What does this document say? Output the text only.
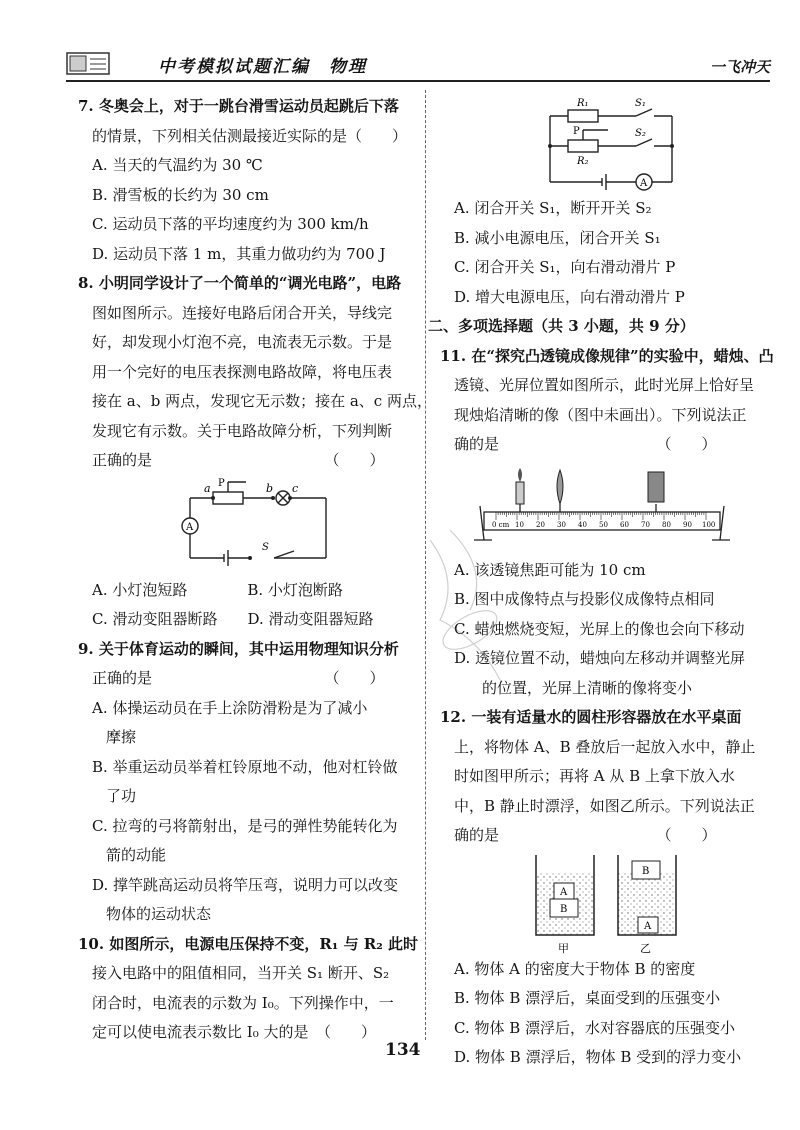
中考模拟试题汇编　物理	一飞冲天
7. 冬奥会上，对于一跳台滑雪运动员起跳后下落
的情景，下列相关估测最接近实际的是（　　）
A. 当天的气温约为 30 ℃
B. 滑雪板的长约为 30 cm
C. 运动员下落的平均速度约为 300 km/h
D. 运动员下落 1 m，其重力做功约为 700 J
8. 小明同学设计了一个简单的“调光电路”，电路
图如图所示。连接好电路后闭合开关，导线完
好，却发现小灯泡不亮，电流表无示数。于是
用一个完好的电压表探测电路故障，将电压表
接在 a、b 两点，发现它无示数；接在 a、c 两点，
发现它有示数。关于电路故障分析，下列判断
正确的是　　　　　　　　　　　　（　　）
a	b c
P
A
S
A. 小灯泡短路　　　　B. 小灯泡断路
C. 滑动变阻器断路　　D. 滑动变阻器短路
9. 关于体育运动的瞬间，其中运用物理知识分析
正确的是　　　　　　　　　　　　（　　）
A. 体操运动员在手上涂防滑粉是为了减小
摩擦
B. 举重运动员举着杠铃原地不动，他对杠铃做
了功
C. 拉弯的弓将箭射出，是弓的弹性势能转化为
箭的动能
D. 撑竿跳高运动员将竿压弯，说明力可以改变
物体的运动状态
10. 如图所示，电源电压保持不变，R₁ 与 R₂ 此时
接入电路中的阻值相同，当开关 S₁ 断开、S₂
闭合时，电流表的示数为 I₀。下列操作中，一
定可以使电流表示数比 I₀ 大的是　（　　）
R₁
R₂
S₁
S₂
P
A
A. 闭合开关 S₁，断开开关 S₂
B. 减小电源电压，闭合开关 S₁
C. 闭合开关 S₁，向右滑动滑片 P
D. 增大电源电压，向右滑动滑片 P
二、多项选择题（共 3 小题，共 9 分）
11. 在“探究凸透镜成像规律”的实验中，蜡烛、凸
透镜、光屏位置如图所示，此时光屏上恰好呈
现烛焰清晰的像（图中未画出）。下列说法正
确的是　　　　　　　　　　　（　　）
0 cm 10 20 30 40 50 60 70 80 90 100
A. 该透镜焦距可能为 10 cm
B. 图中成像特点与投影仪成像特点相同
C. 蜡烛燃烧变短，光屏上的像也会向下移动
D. 透镜位置不动，蜡烛向左移动并调整光屏
的位置，光屏上清晰的像将变小
12. 一装有适量水的圆柱形容器放在水平桌面
上，将物体 A、B 叠放后一起放入水中，静止
时如图甲所示；再将 A 从 B 上拿下放入水
中，B 静止时漂浮，如图乙所示。下列说法正
确的是　　　　　　　　　　　（　　）
A
B
甲
B
A
乙
A. 物体 A 的密度大于物体 B 的密度
B. 物体 B 漂浮后，桌面受到的压强变小
C. 物体 B 漂浮后，水对容器底的压强变小
D. 物体 B 漂浮后，物体 B 受到的浮力变小
134
